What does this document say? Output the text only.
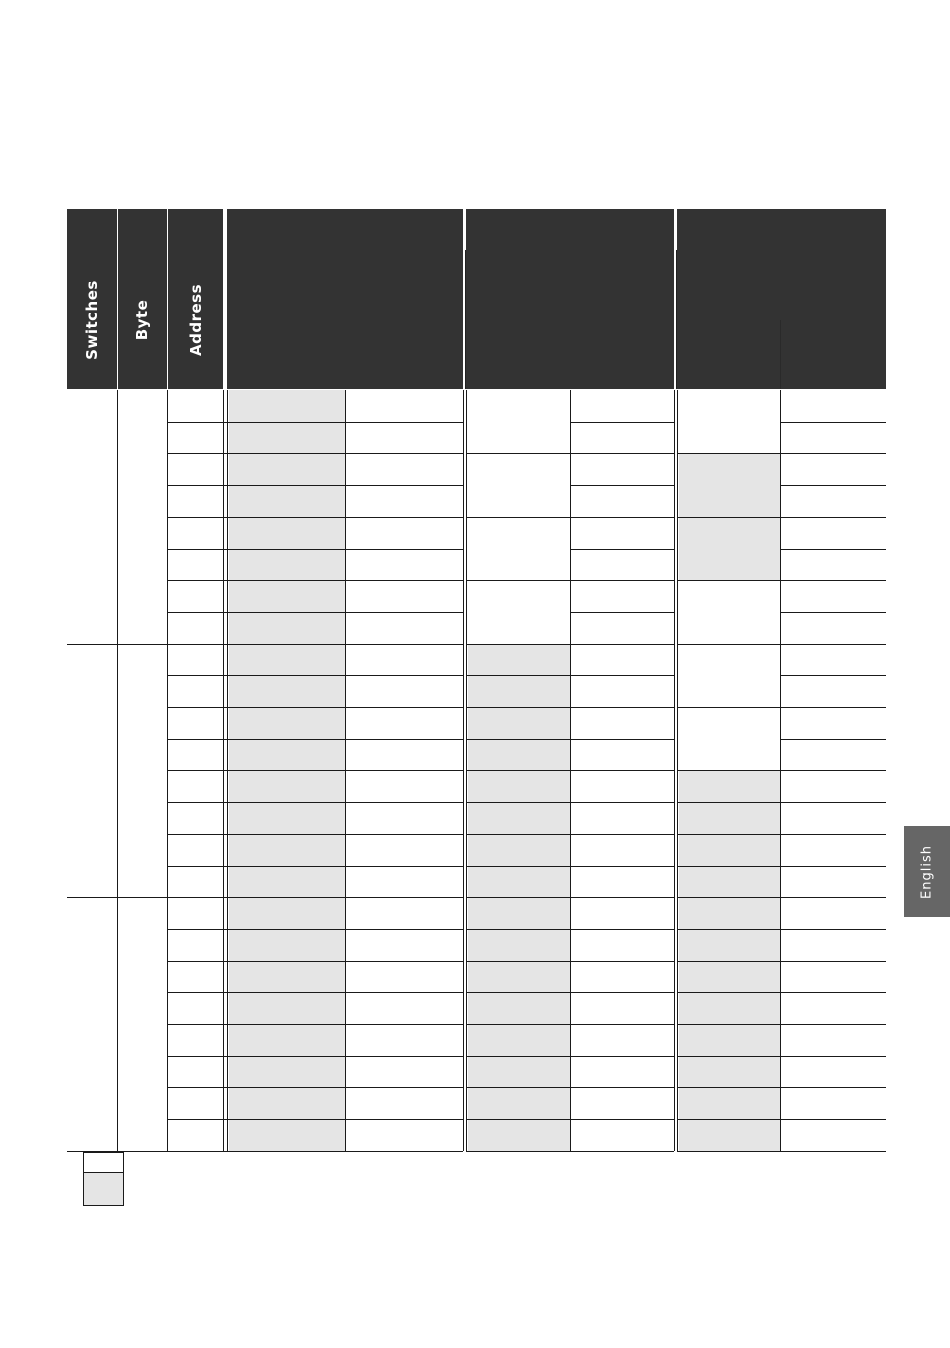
Switches Byte Address
English
